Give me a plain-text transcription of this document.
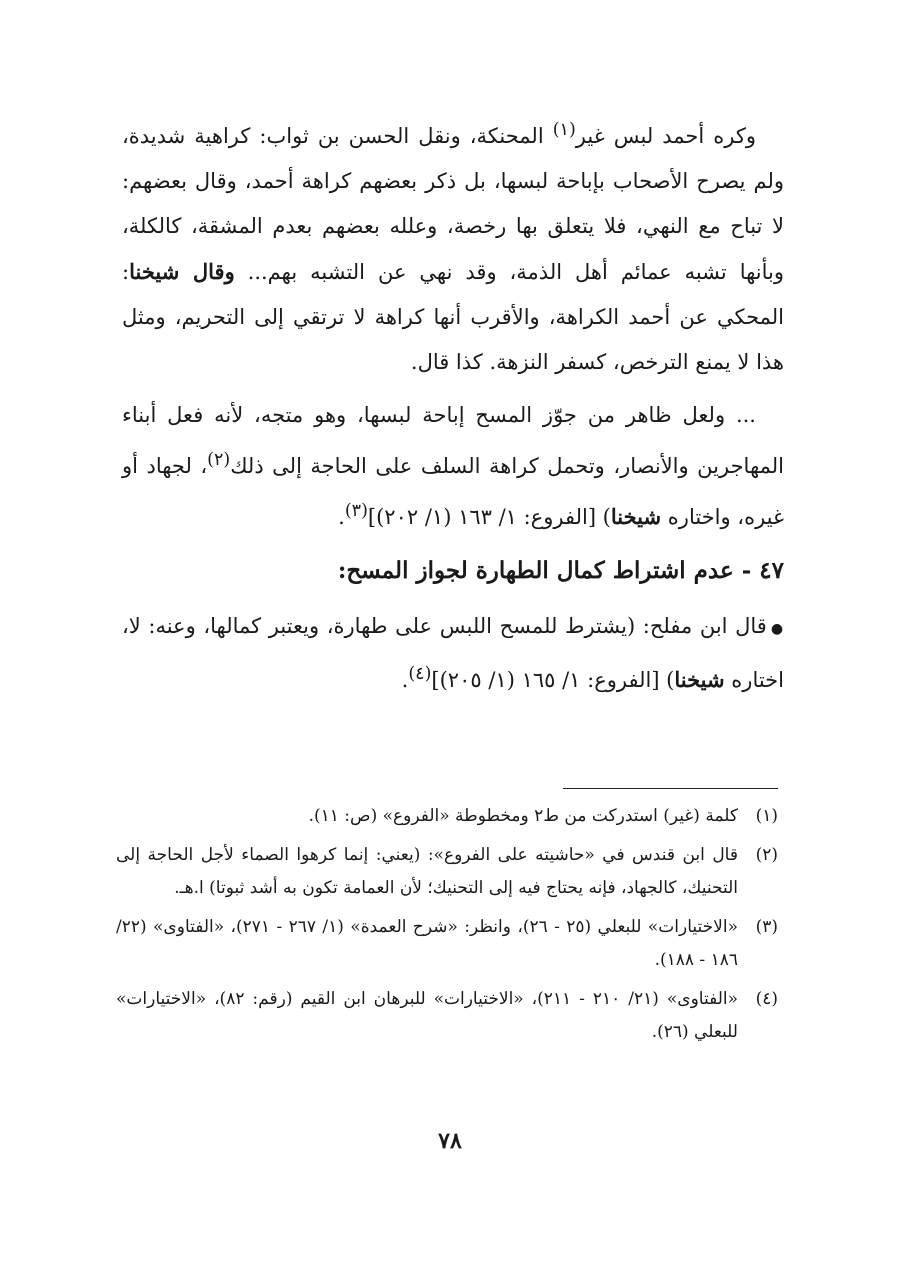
وكره أحمد لبس غير$^{(١)}$ المحنكة، ونقل الحسن بن ثواب: كراهية شديدة، ولم يصرح الأصحاب بإباحة لبسها، بل ذكر بعضهم كراهة أحمد، وقال بعضهم: لا تباح مع النهي، فلا يتعلق بها رخصة، وعلله بعضهم بعدم المشقة، كالكلة، وبأنها تشبه عمائم أهل الذمة، وقد نهي عن التشبه بهم... وقال شيخنا: المحكي عن أحمد الكراهة، والأقرب أنها كراهة لا ترتقي إلى التحريم، ومثل هذا لا يمنع الترخص، كسفر النزهة. كذا قال.

... ولعل ظاهر من جوّز المسح إباحة لبسها، وهو متجه، لأنه فعل أبناء المهاجرين والأنصار، وتحمل كراهة السلف على الحاجة إلى ذلك$^{(٢)}$، لجهاد أو غيره، واختاره شيخنا) [الفروع: ١/ ١٦٣ (١/ ٢٠٢)]$^{(٣)}$.

٤٧ - عدم اشتراط كمال الطهارة لجواز المسح:

●قال ابن مفلح: (يشترط للمسح اللبس على طهارة، ويعتبر كمالها، وعنه: لا، اختاره شيخنا) [الفروع: ١/ ١٦٥ (١/ ٢٠٥)]$^{(٤)}$.

(١)
كلمة (غير) استدركت من ط٢ ومخطوطة «الفروع» (ص: ١١).
(٢)
قال ابن قندس في «حاشيته على الفروع»: (يعني: إنما كرهوا الصماء لأجل الحاجة إلى التحنيك، كالجهاد، فإنه يحتاج فيه إلى التحنيك؛ لأن العمامة تكون به أشد ثبوتا) ا.هـ.
(٣)
«الاختيارات» للبعلي (٢٥ - ٢٦)، وانظر: «شرح العمدة» (١/ ٢٦٧ - ٢٧١)، «الفتاوى» (٢٢/ ١٨٦ - ١٨٨).
(٤)
«الفتاوى» (٢١/ ٢١٠ - ٢١١)، «الاختيارات» للبرهان ابن القيم (رقم: ٨٢)، «الاختيارات» للبعلي (٢٦).
٧٨
